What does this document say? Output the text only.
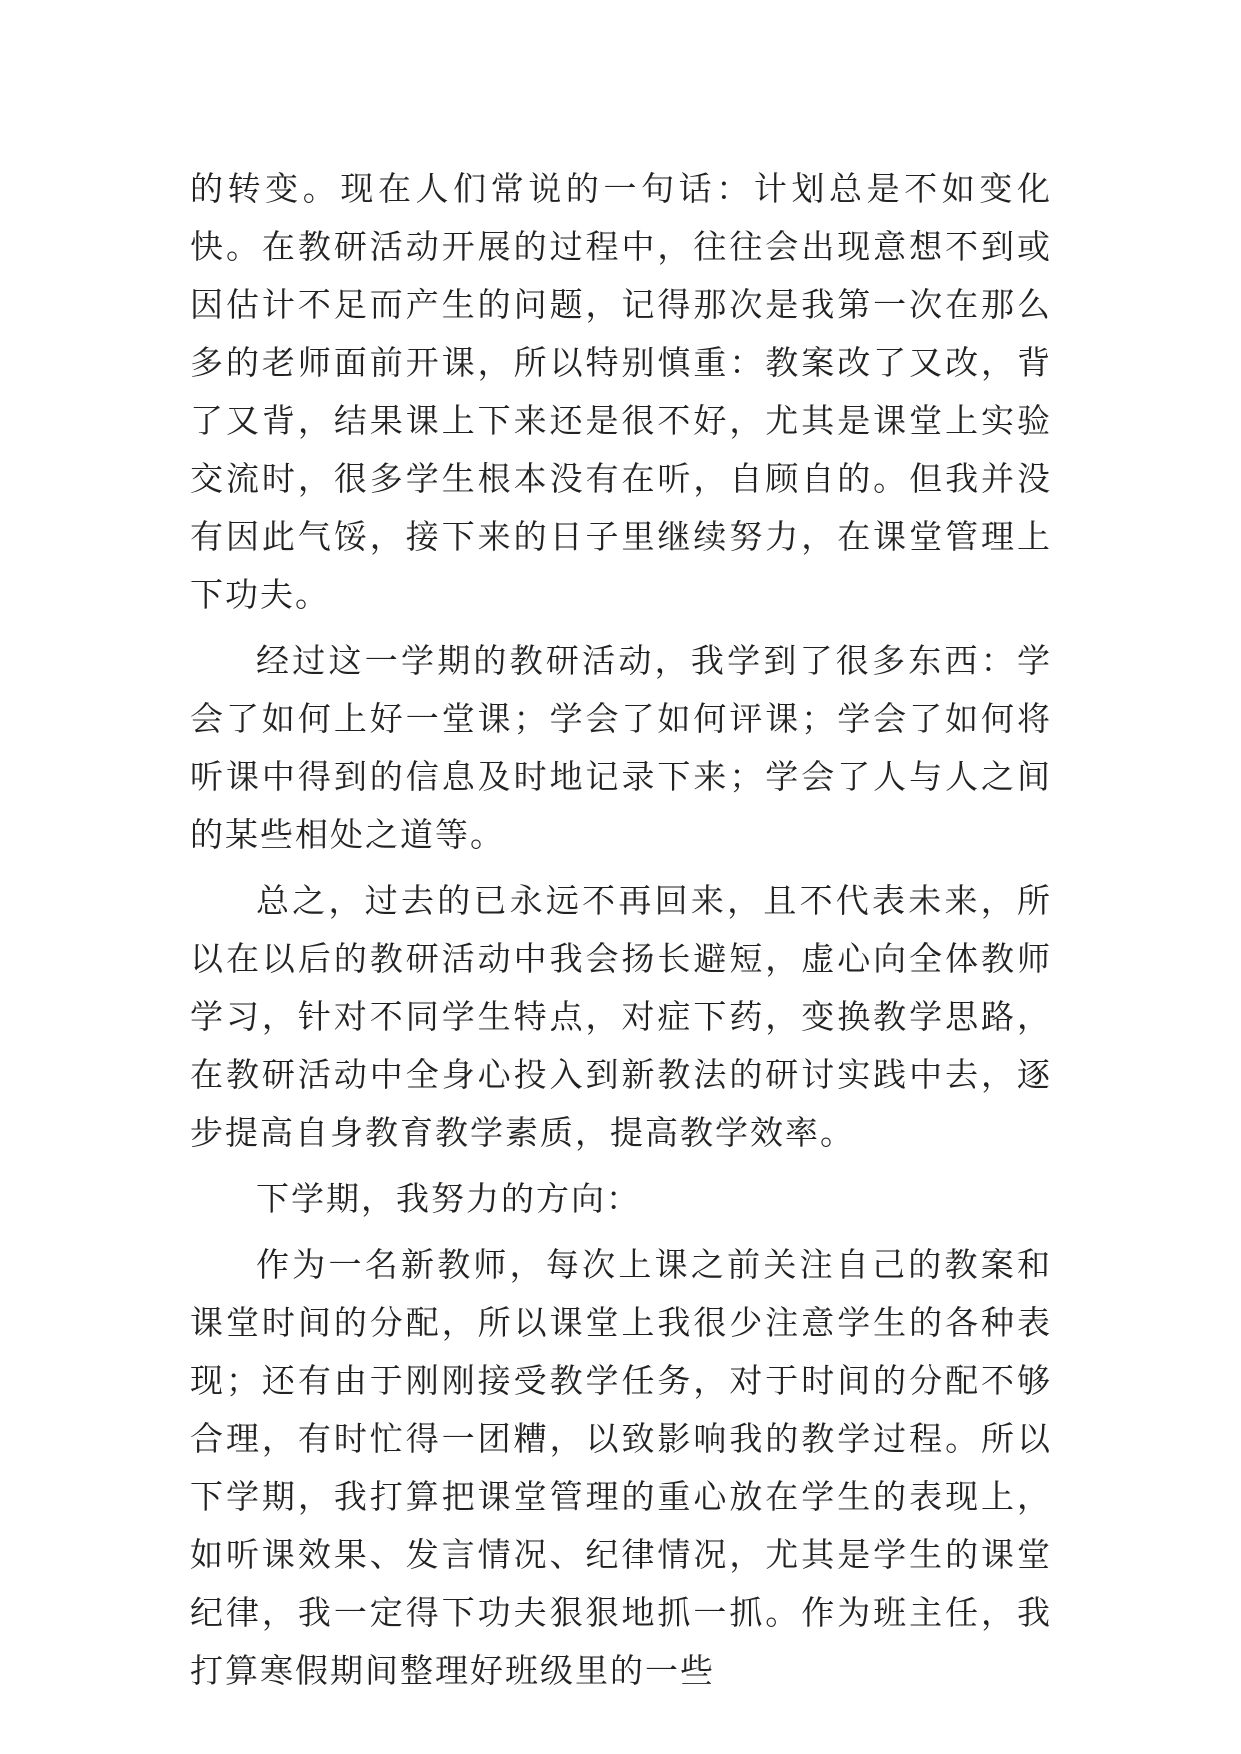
的转变。现在人们常说的一句话：计划总是不如变化快。在教研活动开展的过程中，往往会出现意想不到或因估计不足而产生的问题，记得那次是我第一次在那么多的老师面前开课，所以特别慎重：教案改了又改，背了又背，结果课上下来还是很不好，尤其是课堂上实验交流时，很多学生根本没有在听，自顾自的。但我并没有因此气馁，接下来的日子里继续努力，在课堂管理上下功夫。

经过这一学期的教研活动，我学到了很多东西：学会了如何上好一堂课；学会了如何评课；学会了如何将听课中得到的信息及时地记录下来；学会了人与人之间的某些相处之道等。

总之，过去的已永远不再回来，且不代表未来，所以在以后的教研活动中我会扬长避短，虚心向全体教师学习，针对不同学生特点，对症下药，变换教学思路，在教研活动中全身心投入到新教法的研讨实践中去，逐步提高自身教育教学素质，提高教学效率。

下学期，我努力的方向：

作为一名新教师，每次上课之前关注自己的教案和课堂时间的分配，所以课堂上我很少注意学生的各种表现；还有由于刚刚接受教学任务，对于时间的分配不够合理，有时忙得一团糟，以致影响我的教学过程。所以下学期，我打算把课堂管理的重心放在学生的表现上，如听课效果、发言情况、纪律情况，尤其是学生的课堂纪律，我一定得下功夫狠狠地抓一抓。作为班主任，我打算寒假期间整理好班级里的一些
